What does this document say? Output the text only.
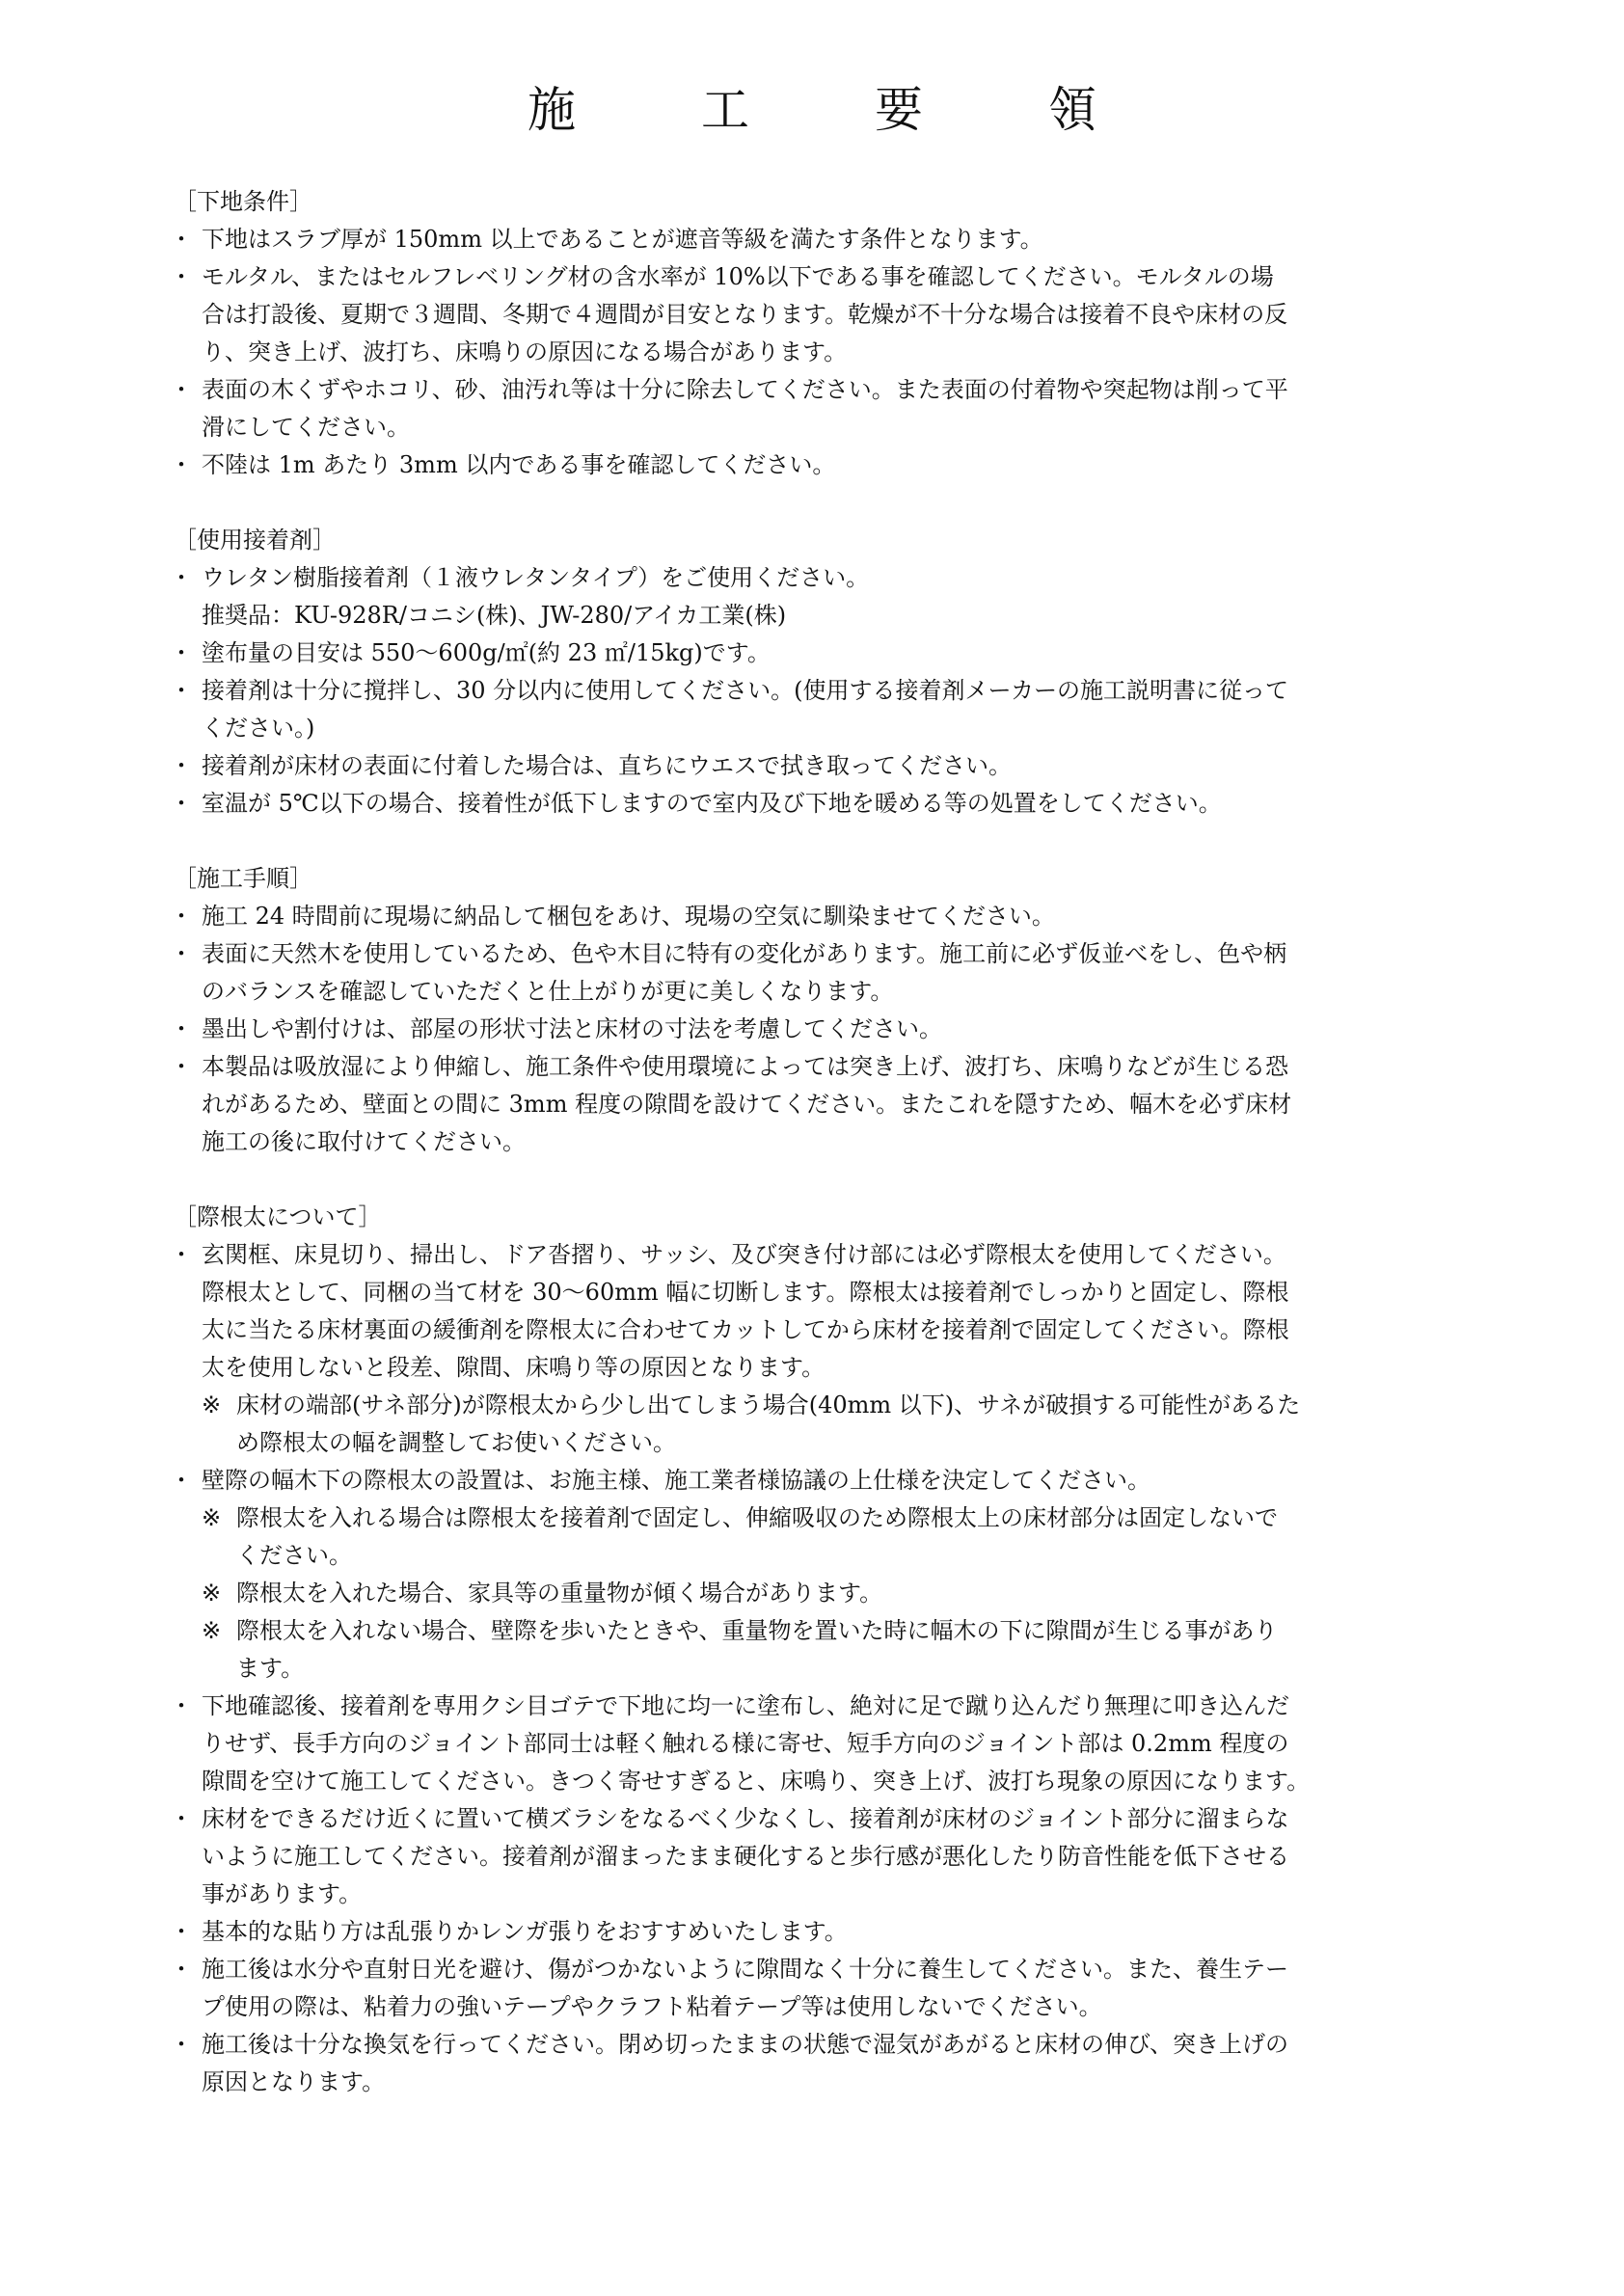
施　工　要　領
［下地条件］
・ 下地はスラブ厚が 150mm 以上であることが遮音等級を満たす条件となります。
・ モルタル、またはセルフレベリング材の含水率が 10%以下である事を確認してください。モルタルの場
合は打設後、夏期で３週間、冬期で４週間が目安となります。乾燥が不十分な場合は接着不良や床材の反
り、突き上げ、波打ち、床鳴りの原因になる場合があります。
・ 表面の木くずやホコリ、砂、油汚れ等は十分に除去してください。また表面の付着物や突起物は削って平
滑にしてください。
・ 不陸は 1m あたり 3mm 以内である事を確認してください。
［使用接着剤］
・ ウレタン樹脂接着剤（１液ウレタンタイプ）をご使用ください。
推奨品：KU-928R/コニシ(株)、JW-280/アイカ工業(株)
・ 塗布量の目安は 550～600g/㎡(約 23 ㎡/15kg)です。
・ 接着剤は十分に撹拌し、30 分以内に使用してください。(使用する接着剤メーカーの施工説明書に従って
ください。)
・ 接着剤が床材の表面に付着した場合は、直ちにウエスで拭き取ってください。
・ 室温が 5℃以下の場合、接着性が低下しますので室内及び下地を暖める等の処置をしてください。
［施工手順］
・ 施工 24 時間前に現場に納品して梱包をあけ、現場の空気に馴染ませてください。
・ 表面に天然木を使用しているため、色や木目に特有の変化があります。施工前に必ず仮並べをし、色や柄
のバランスを確認していただくと仕上がりが更に美しくなります。
・ 墨出しや割付けは、部屋の形状寸法と床材の寸法を考慮してください。
・ 本製品は吸放湿により伸縮し、施工条件や使用環境によっては突き上げ、波打ち、床鳴りなどが生じる恐
れがあるため、壁面との間に 3mm 程度の隙間を設けてください。またこれを隠すため、幅木を必ず床材
施工の後に取付けてください。
［際根太について］
・ 玄関框、床見切り、掃出し、ドア沓摺り、サッシ、及び突き付け部には必ず際根太を使用してください。
際根太として、同梱の当て材を 30～60mm 幅に切断します。際根太は接着剤でしっかりと固定し、際根
太に当たる床材裏面の緩衝剤を際根太に合わせてカットしてから床材を接着剤で固定してください。際根
太を使用しないと段差、隙間、床鳴り等の原因となります。
※ 床材の端部(サネ部分)が際根太から少し出てしまう場合(40mm 以下)、サネが破損する可能性があるた
め際根太の幅を調整してお使いください。
・ 壁際の幅木下の際根太の設置は、お施主様、施工業者様協議の上仕様を決定してください。
※ 際根太を入れる場合は際根太を接着剤で固定し、伸縮吸収のため際根太上の床材部分は固定しないで
ください。
※ 際根太を入れた場合、家具等の重量物が傾く場合があります。
※ 際根太を入れない場合、壁際を歩いたときや、重量物を置いた時に幅木の下に隙間が生じる事があり
ます。
・ 下地確認後、接着剤を専用クシ目ゴテで下地に均一に塗布し、絶対に足で蹴り込んだり無理に叩き込んだ
りせず、長手方向のジョイント部同士は軽く触れる様に寄せ、短手方向のジョイント部は 0.2mm 程度の
隙間を空けて施工してください。きつく寄せすぎると、床鳴り、突き上げ、波打ち現象の原因になります。
・ 床材をできるだけ近くに置いて横ズラシをなるべく少なくし、接着剤が床材のジョイント部分に溜まらな
いように施工してください。接着剤が溜まったまま硬化すると歩行感が悪化したり防音性能を低下させる
事があります。
・ 基本的な貼り方は乱張りかレンガ張りをおすすめいたします。
・ 施工後は水分や直射日光を避け、傷がつかないように隙間なく十分に養生してください。また、養生テー
プ使用の際は、粘着力の強いテープやクラフト粘着テープ等は使用しないでください。
・ 施工後は十分な換気を行ってください。閉め切ったままの状態で湿気があがると床材の伸び、突き上げの
原因となります。
